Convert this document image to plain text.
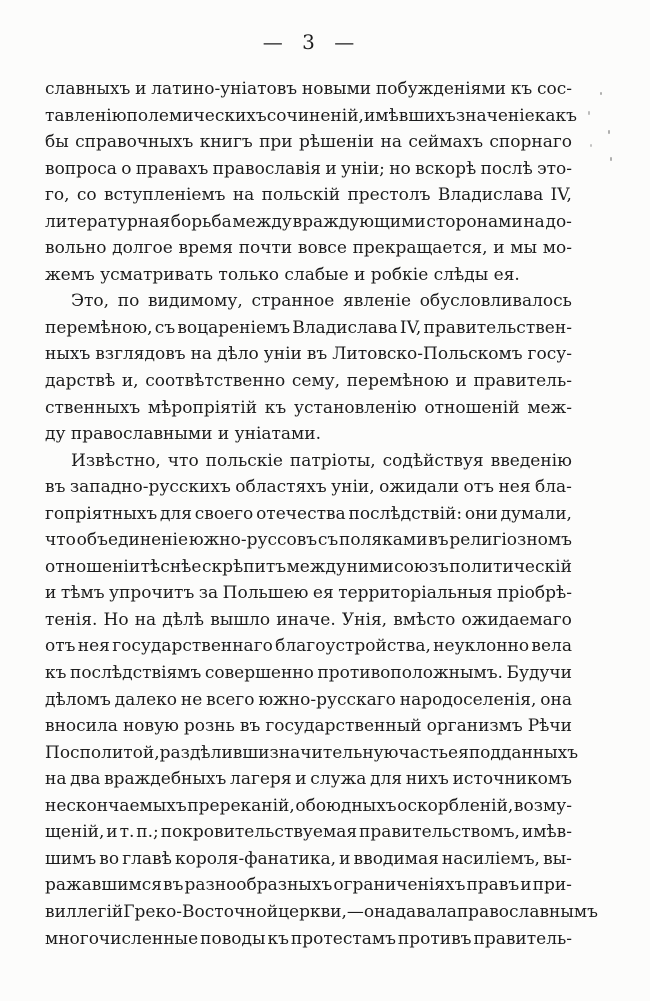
— 3 —
славныхъ и латино-уніатовъ новыми побужденіями къ сос-
тавленію полемическихъ сочиненій, имѣвшихъ значеніе какъ
бы справочныхъ книгъ при рѣшеніи на сеймахъ спорнаго
вопроса о правахъ православія и уніи; но вскорѣ послѣ это-
го, со вступленіемъ на польскій престолъ Владислава IV,
литературная борьба между враждующими сторонами на до-
вольно долгое время почти вовсе прекращается, и мы мо-
жемъ усматривать только слабые и робкіе слѣды ея.
Это, по видимому, странное явленіе обусловливалось
перемѣною, съ воцареніемъ Владислава IV, правительствен-
ныхъ взглядовъ на дѣло уніи въ Литовско-Польскомъ госу-
дарствѣ и, соотвѣтственно сему, перемѣною и правитель-
ственныхъ мѣропріятій къ установленію отношеній меж-
ду православными и уніатами.
Извѣстно, что польскіе патріоты, содѣйствуя введенію
въ западно-русскихъ областяхъ уніи, ожидали отъ нея бла-
гопріятныхъ для своего отечества послѣдствій: они думали,
что объединеніе южно-руссовъ съ поляками въ религіозномъ
отношеніи тѣснѣе скрѣпитъ между ними союзъ политическій
и тѣмъ упрочитъ за Польшею ея территоріальныя пріобрѣ-
тенія. Но на дѣлѣ вышло иначе. Унія, вмѣсто ожидаемаго
отъ нея государственнаго благоустройства, неуклонно вела
къ послѣдствіямъ совершенно противоположнымъ. Будучи
дѣломъ далеко не всего южно-русскаго народоселенія, она
вносила новую рознь въ государственный организмъ Рѣчи
Посполитой, раздѣливши значительную часть ея подданныхъ
на два враждебныхъ лагеря и служа для нихъ источникомъ
нескончаемыхъ пререканій, обоюдныхъ оскорбленій, возму-
щеній, и т. п.; покровительствуемая правительствомъ, имѣв-
шимъ во главѣ короля-фанатика, и вводимая насиліемъ, вы-
ражавшимся въ разнообразныхъ ограниченіяхъ правъ и при-
виллегій Греко-Восточной церкви,—она давала православнымъ
многочисленные поводы къ протестамъ противъ правитель-
